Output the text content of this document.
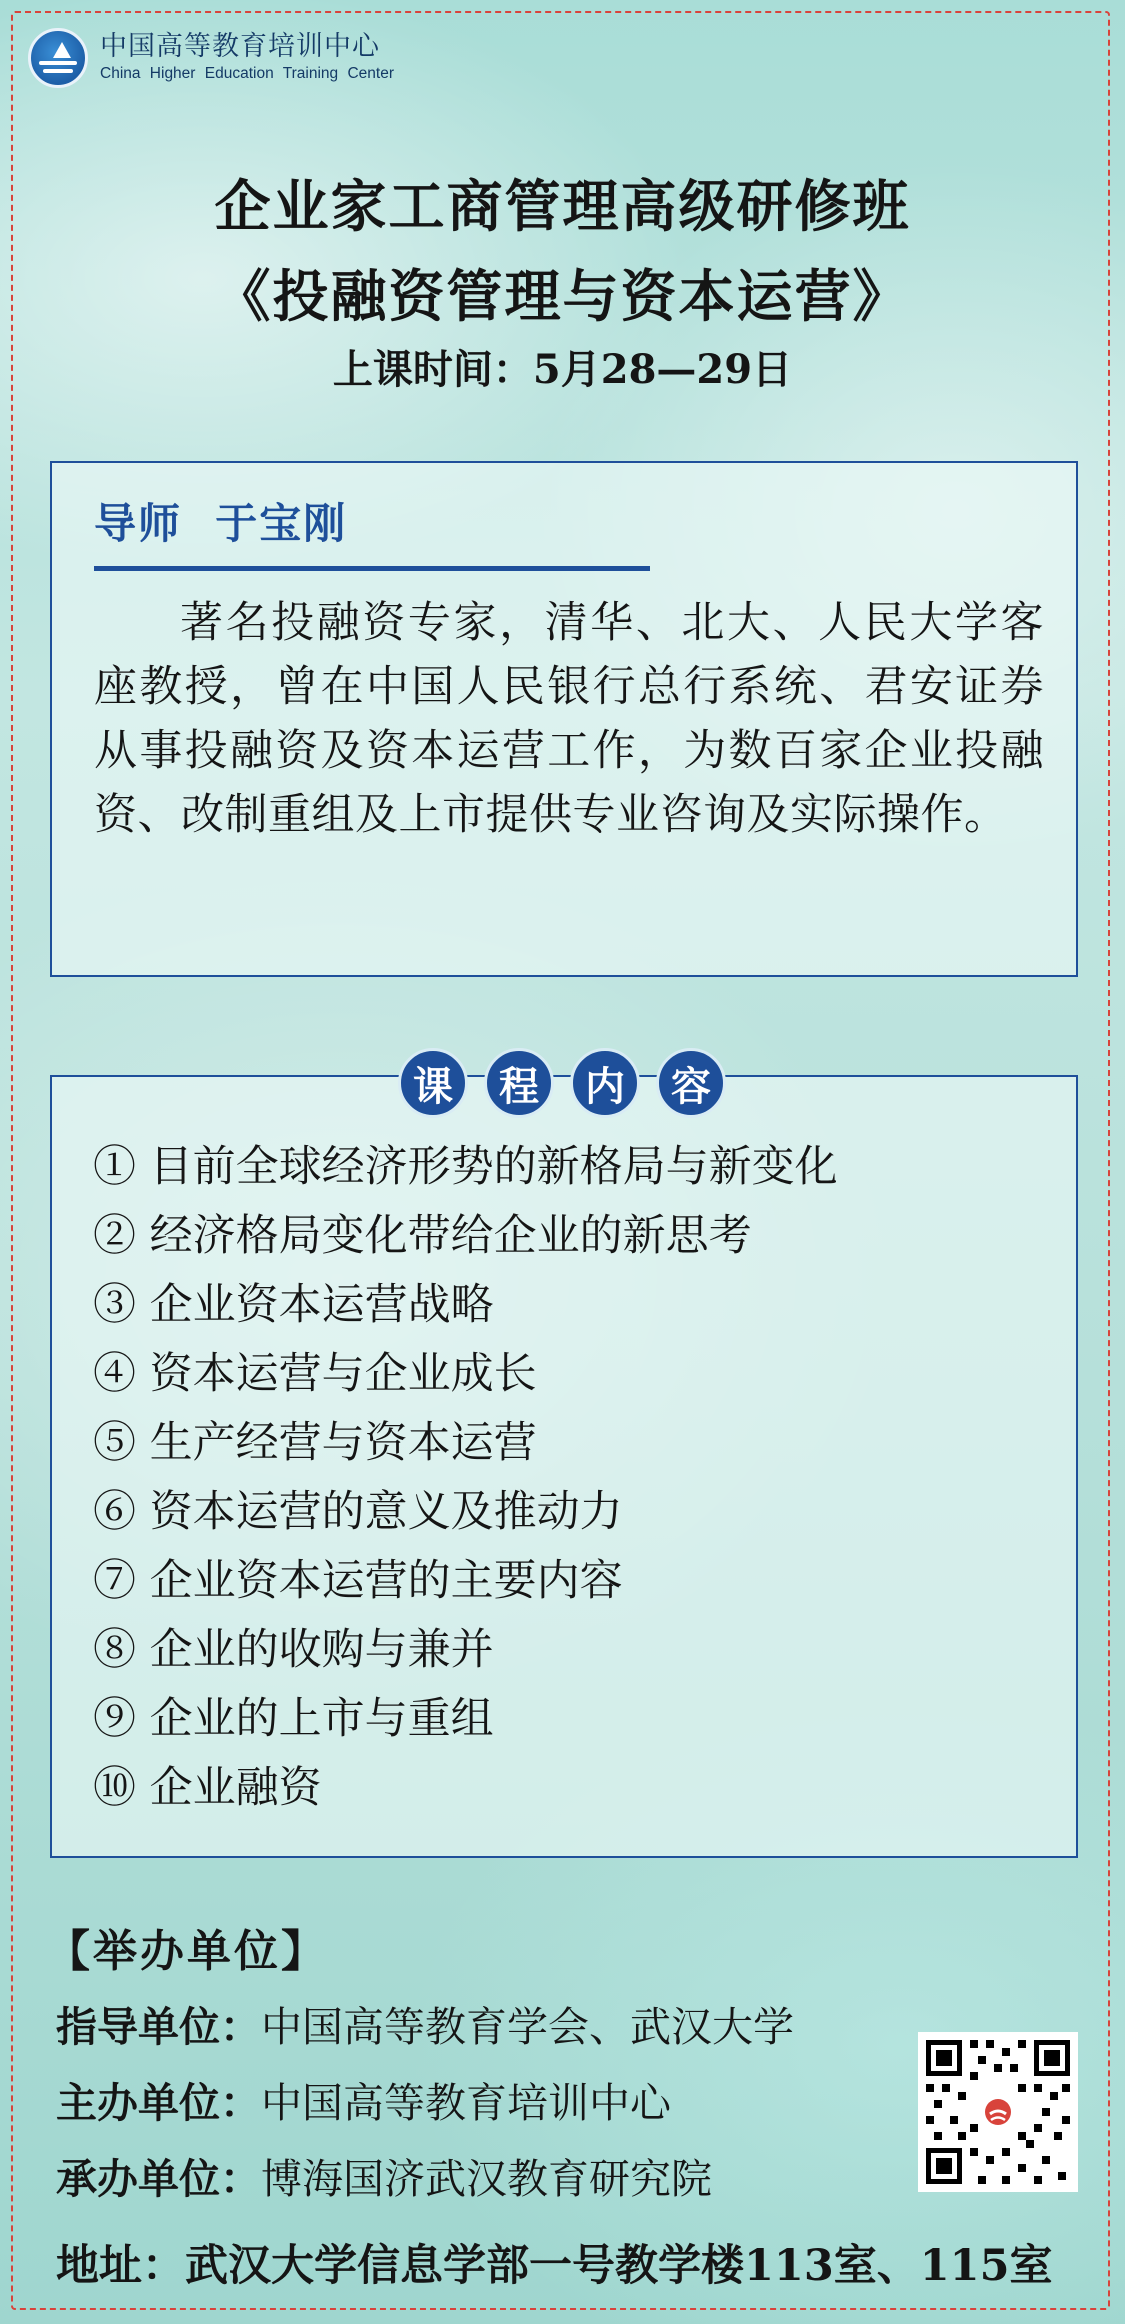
中国高等教育培训中心
China Higher Education Training Center
企业家工商管理高级研修班
《投融资管理与资本运营》
上课时间：5月28—29日
导师  于宝刚
著名投融资专家，清华、北大、人民大学客座教授，曾在中国人民银行总行系统、君安证券从事投融资及资本运营工作，为数百家企业投融资、改制重组及上市提供专业咨询及实际操作。
课	程	内	容
① 目前全球经济形势的新格局与新变化
② 经济格局变化带给企业的新思考
③ 企业资本运营战略
④ 资本运营与企业成长
⑤ 生产经营与资本运营
⑥ 资本运营的意义及推动力
⑦ 企业资本运营的主要内容
⑧ 企业的收购与兼并
⑨ 企业的上市与重组
⑩ 企业融资
【举办单位】
指导单位：中国高等教育学会、武汉大学
主办单位：中国高等教育培训中心
承办单位：博海国济武汉教育研究院
地址：武汉大学信息学部一号教学楼113室、115室
